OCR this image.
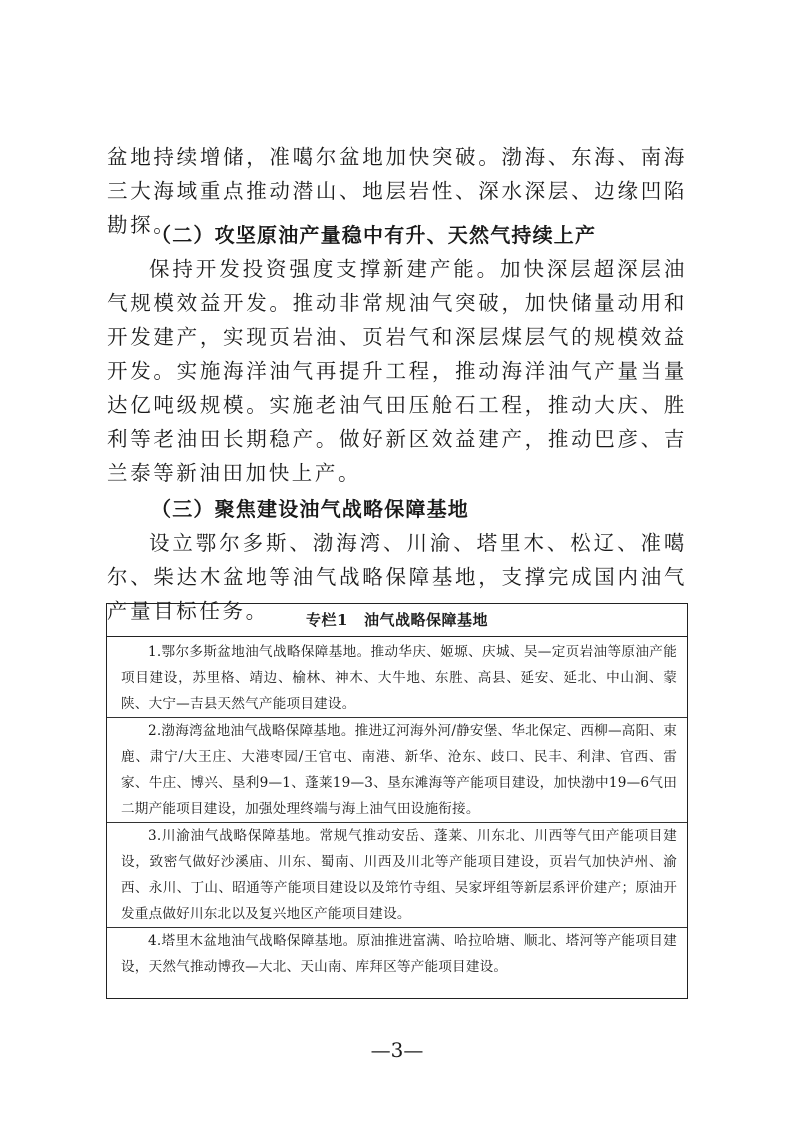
盆地持续增储，准噶尔盆地加快突破。渤海、东海、南海三大海域重点推动潜山、地层岩性、深水深层、边缘凹陷勘探。

（二）攻坚原油产量稳中有升、天然气持续上产

保持开发投资强度支撑新建产能。加快深层超深层油气规模效益开发。推动非常规油气突破，加快储量动用和开发建产，实现页岩油、页岩气和深层煤层气的规模效益开发。实施海洋油气再提升工程，推动海洋油气产量当量达亿吨级规模。实施老油气田压舱石工程，推动大庆、胜利等老油田长期稳产。做好新区效益建产，推动巴彦、吉兰泰等新油田加快上产。

（三）聚焦建设油气战略保障基地

设立鄂尔多斯、渤海湾、川渝、塔里木、松辽、准噶尔、柴达木盆地等油气战略保障基地，支撑完成国内油气产量目标任务。	专栏1 油气战略保障基地

1.鄂尔多斯盆地油气战略保障基地。推动华庆、姬塬、庆城、吴—定页岩油等原油产能项目建设，苏里格、靖边、榆林、神木、大牛地、东胜、高县、延安、延北、中山涧、蒙陕、大宁—吉县天然气产能项目建设。

2.渤海湾盆地油气战略保障基地。推进辽河海外河/静安堡、华北保定、西柳—高阳、束鹿、肃宁/大王庄、大港枣园/王官屯、南港、新华、沧东、歧口、民丰、利津、官西、雷家、牛庄、博兴、垦利9—1、蓬莱19—3、垦东滩海等产能项目建设，加快渤中19—6气田二期产能项目建设，加强处理终端与海上油气田设施衔接。

3.川渝油气战略保障基地。常规气推动安岳、蓬莱、川东北、川西等气田产能项目建设，致密气做好沙溪庙、川东、蜀南、川西及川北等产能项目建设，页岩气加快泸州、渝西、永川、丁山、昭通等产能项目建设以及筇竹寺组、吴家坪组等新层系评价建产；原油开发重点做好川东北以及复兴地区产能项目建设。

4.塔里木盆地油气战略保障基地。原油推进富满、哈拉哈塘、顺北、塔河等产能项目建设，天然气推动博孜—大北、天山南、库拜区等产能项目建设。

—3—
